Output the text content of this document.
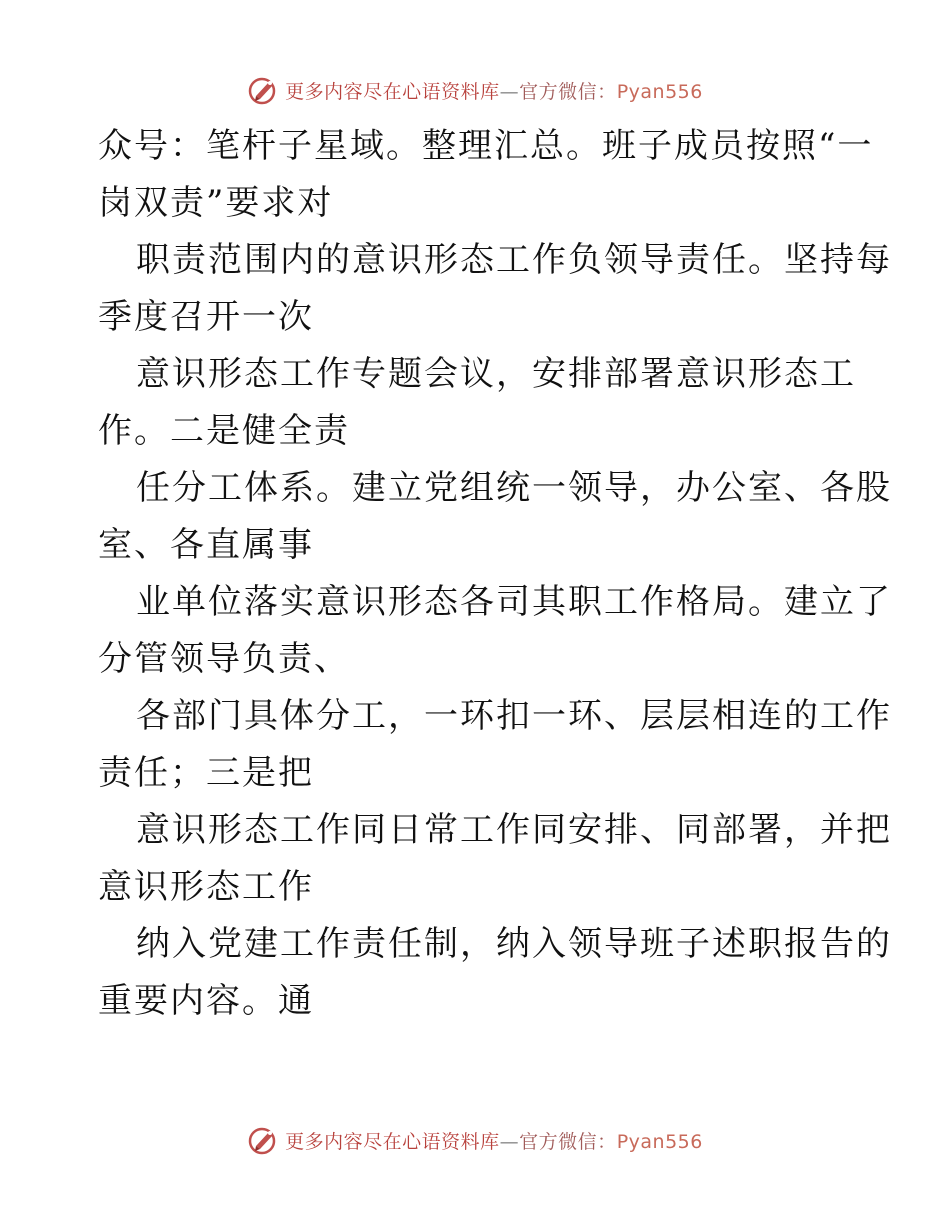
更多内容尽在心语资料库—官方微信：Pyan556
众号：笔杆子星域。整理汇总。班子成员按照“一
岗双责”要求对
职责范围内的意识形态工作负领导责任。坚持每
季度召开一次
意识形态工作专题会议，安排部署意识形态工
作。二是健全责
任分工体系。建立党组统一领导，办公室、各股
室、各直属事
业单位落实意识形态各司其职工作格局。建立了
分管领导负责、
各部门具体分工，一环扣一环、层层相连的工作
责任；三是把
意识形态工作同日常工作同安排、同部署，并把
意识形态工作
纳入党建工作责任制，纳入领导班子述职报告的
重要内容。通
更多内容尽在心语资料库—官方微信：Pyan556
